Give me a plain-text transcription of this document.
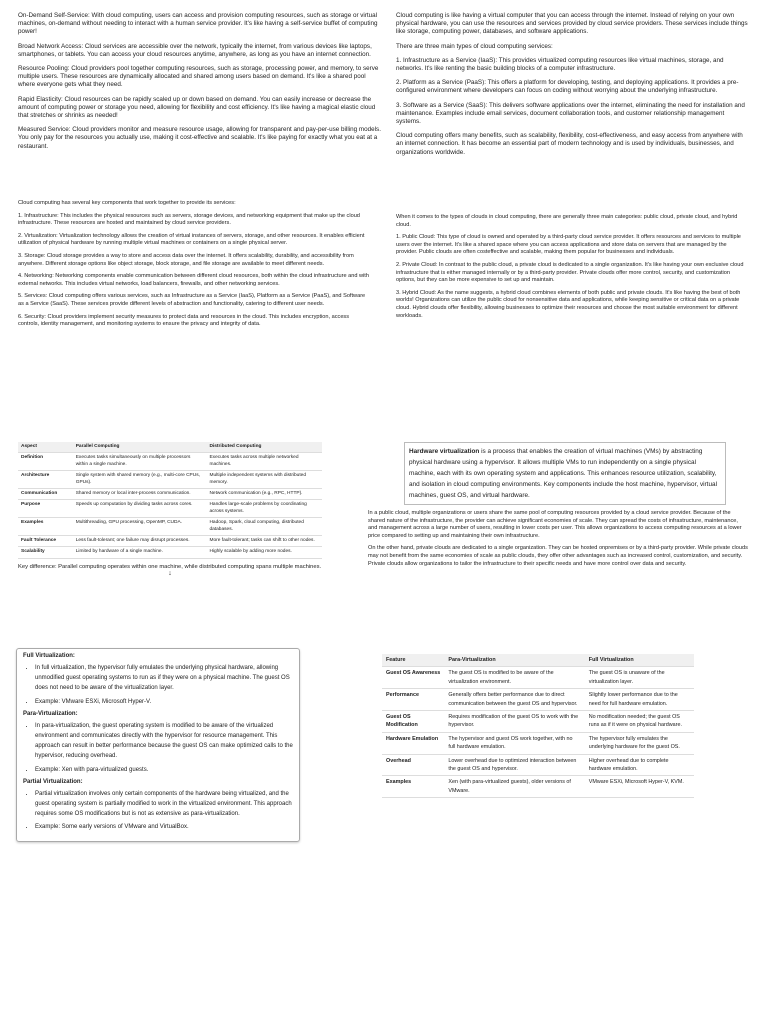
On-Demand Self-Service: With cloud computing, users can access and provision computing resources, such as storage or virtual machines, on-demand without needing to interact with a human service provider. It's like having a self-service buffet of computing power!

Broad Network Access: Cloud services are accessible over the network, typically the internet, from various devices like laptops, smartphones, or tablets. You can access your cloud resources anytime, anywhere, as long as you have an internet connection.

Resource Pooling: Cloud providers pool together computing resources, such as storage, processing power, and memory, to serve multiple users. These resources are dynamically allocated and shared among users based on demand. It's like a shared pool where everyone gets what they need.

Rapid Elasticity: Cloud resources can be rapidly scaled up or down based on demand. You can easily increase or decrease the amount of computing power or storage you need, allowing for flexibility and cost efficiency. It's like having a magical elastic cloud that stretches or shrinks as needed!

Measured Service: Cloud providers monitor and measure resource usage, allowing for transparent and pay-per-use billing models. You only pay for the resources you actually use, making it cost-effective and scalable. It's like paying for exactly what you eat at a restaurant.

Cloud computing is like having a virtual computer that you can access through the internet. Instead of relying on your own physical hardware, you can use the resources and services provided by cloud service providers. These services include things like storage, computing power, databases, and software applications.

There are three main types of cloud computing services:

1. Infrastructure as a Service (IaaS): This provides virtualized computing resources like virtual machines, storage, and networks. It's like renting the basic building blocks of a computer infrastructure.

2. Platform as a Service (PaaS): This offers a platform for developing, testing, and deploying applications. It provides a pre-configured environment where developers can focus on coding without worrying about the underlying infrastructure.

3. Software as a Service (SaaS): This delivers software applications over the internet, eliminating the need for installation and maintenance. Examples include email services, document collaboration tools, and customer relationship management systems.

Cloud computing offers many benefits, such as scalability, flexibility, cost-effectiveness, and easy access from anywhere with an internet connection. It has become an essential part of modern technology and is used by individuals, businesses, and organizations worldwide.

Cloud computing has several key components that work together to provide its services:

1. Infrastructure: This includes the physical resources such as servers, storage devices, and networking equipment that make up the cloud infrastructure. These resources are hosted and maintained by cloud service providers.

2. Virtualization: Virtualization technology allows the creation of virtual instances of servers, storage, and other resources. It enables efficient utilization of physical hardware by running multiple virtual machines or containers on a single physical server.

3. Storage: Cloud storage provides a way to store and access data over the internet. It offers scalability, durability, and accessibility from anywhere. Different storage options like object storage, block storage, and file storage are available to meet different needs.

4. Networking: Networking components enable communication between different cloud resources, both within the cloud infrastructure and with external networks. This includes virtual networks, load balancers, firewalls, and other networking services.

5. Services: Cloud computing offers various services, such as Infrastructure as a Service (IaaS), Platform as a Service (PaaS), and Software as a Service (SaaS). These services provide different levels of abstraction and functionality, catering to different user needs.

6. Security: Cloud providers implement security measures to protect data and resources in the cloud. This includes encryption, access controls, identity management, and monitoring systems to ensure the privacy and integrity of data.

When it comes to the types of clouds in cloud computing, there are generally three main categories: public cloud, private cloud, and hybrid cloud.

1. Public Cloud: This type of cloud is owned and operated by a third-party cloud service provider. It offers resources and services to multiple users over the internet. It's like a shared space where you can access applications and store data on servers that are managed by the provider. Public clouds are often costeffective and scalable, making them popular for businesses and individuals.

2. Private Cloud: In contrast to the public cloud, a private cloud is dedicated to a single organization. It's like having your own exclusive cloud infrastructure that is either managed internally or by a third-party provider. Private clouds offer more control, security, and customization options, but they can be more expensive to set up and maintain.

3. Hybrid Cloud: As the name suggests, a hybrid cloud combines elements of both public and private clouds. It's like having the best of both worlds! Organizations can utilize the public cloud for nonsensitive data and applications, while keeping sensitive or critical data on a private cloud. Hybrid clouds offer flexibility, allowing businesses to optimize their resources and choose the most suitable environment for different workloads.

Aspect	Parallel Computing	Distributed Computing
Definition	Executes tasks simultaneously on multiple processors within a single machine.	Executes tasks across multiple networked machines.
Architecture	Single system with shared memory (e.g., multi-core CPUs, GPUs).	Multiple independent systems with distributed memory.
Communication	Shared memory or local inter-process communication.	Network communication (e.g., RPC, HTTP).
Purpose	Speeds up computation by dividing tasks across cores.	Handles large-scale problems by coordinating across systems.
Examples	Multithreading, GPU processing, OpenMP, CUDA.	Hadoop, Spark, cloud computing, distributed databases.
Fault Tolerance	Less fault-tolerant; one failure may disrupt processes.	More fault-tolerant; tasks can shift to other nodes.
Scalability	Limited by hardware of a single machine.	Highly scalable by adding more nodes.
Key difference: Parallel computing operates within one machine, while distributed computing spans multiple machines.
↓
Hardware virtualization is a process that enables the creation of virtual machines (VMs) by abstracting physical hardware using a hypervisor. It allows multiple VMs to run independently on a single physical machine, each with its own operating system and applications. This enhances resource utilization, scalability, and isolation in cloud computing environments. Key components include the host machine, hypervisor, virtual machines, guest OS, and virtual hardware.

In a public cloud, multiple organizations or users share the same pool of computing resources provided by a cloud service provider. Because of the shared nature of the infrastructure, the provider can achieve significant economies of scale. They can spread the costs of infrastructure, maintenance, and management across a large number of users, resulting in lower costs per user. This allows organizations to access computing resources at a lower price compared to setting up and maintaining their own infrastructure.

On the other hand, private clouds are dedicated to a single organization. They can be hosted onpremises or by a third-party provider. While private clouds may not benefit from the same economies of scale as public clouds, they offer other advantages such as increased control, customization, and security. Private clouds allow organizations to tailor the infrastructure to their specific needs and have more control over data and security.

Full Virtualization:
• In full virtualization, the hypervisor fully emulates the underlying physical hardware, allowing unmodified guest operating systems to run as if they were on a physical machine. The guest OS does not need to be aware of the virtualization layer.
• Example: VMware ESXi, Microsoft Hyper-V.
Para-Virtualization:
• In para-virtualization, the guest operating system is modified to be aware of the virtualized environment and communicates directly with the hypervisor for resource management. This approach can result in better performance because the guest OS can make optimized calls to the hypervisor, reducing overhead.
• Example: Xen with para-virtualized guests.
Partial Virtualization:
• Partial virtualization involves only certain components of the hardware being virtualized, and the guest operating system is partially modified to work in the virtualized environment. This approach requires some OS modifications but is not as extensive as para-virtualization.
• Example: Some early versions of VMware and VirtualBox.
Feature	Para-Virtualization	Full Virtualization
Guest OS Awareness	The guest OS is modified to be aware of the virtualization environment.	The guest OS is unaware of the virtualization layer.
Performance	Generally offers better performance due to direct communication between the guest OS and hypervisor.	Slightly lower performance due to the need for full hardware emulation.
Guest OS Modification	Requires modification of the guest OS to work with the hypervisor.	No modification needed; the guest OS runs as if it were on physical hardware.
Hardware Emulation	The hypervisor and guest OS work together, with no full hardware emulation.	The hypervisor fully emulates the underlying hardware for the guest OS.
Overhead	Lower overhead due to optimized interaction between the guest OS and hypervisor.	Higher overhead due to complete hardware emulation.
Examples	Xen (with para-virtualized guests), older versions of VMware.	VMware ESXi, Microsoft Hyper-V, KVM.
